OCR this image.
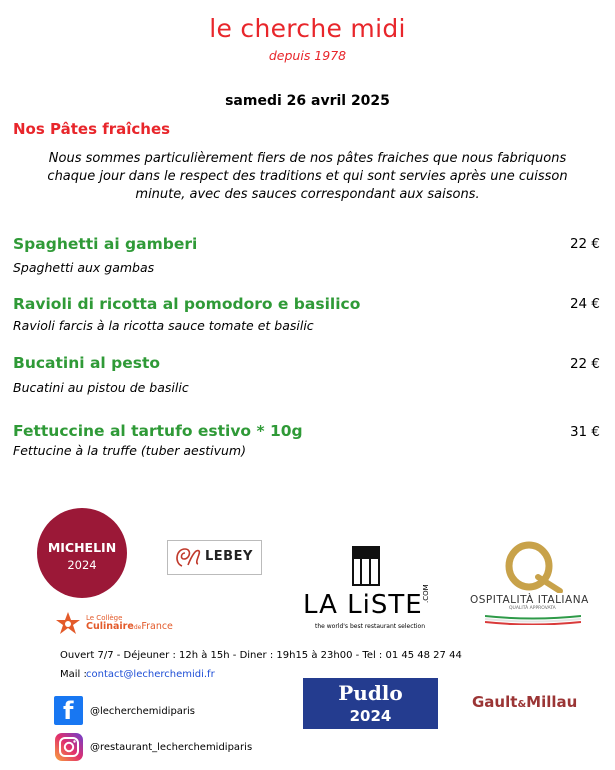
le cherche midi
depuis 1978
samedi 26 avril 2025
Nos Pâtes fraîches
Nous sommes particulièrement fiers de nos pâtes fraiches que nous fabriquons
chaque jour dans le respect des traditions et qui sont servies après une cuisson
minute, avec des sauces correspondant aux saisons.
Spaghetti ai gamberi	22 €
Spaghetti aux gambas
Ravioli di ricotta al pomodoro e basilico	24 €
Ravioli farcis à la ricotta sauce tomate et basilic
Bucatini al pesto	22 €
Bucatini au pistou de basilic
Fettuccine al tartufo estivo * 10g	31 €
Fettucine à la truffe (tuber aestivum)
MICHELIN
2024
LEBEY
LA LiSTE .COM
the world's best restaurant selection
OSPITALITÀ ITALIANA
QUALITÀ APPROVATA
Le Collège
CulinairedeFrance
Ouvert 7/7 - Déjeuner : 12h à 15h - Diner : 19h15 à 23h00 - Tel : 01 45 48 27 44
Mail : contact@lecherchemidi.fr
f @lecherchemidiparis
@restaurant_lecherchemidiparis
Pudlo
2024
Gault&Millau
